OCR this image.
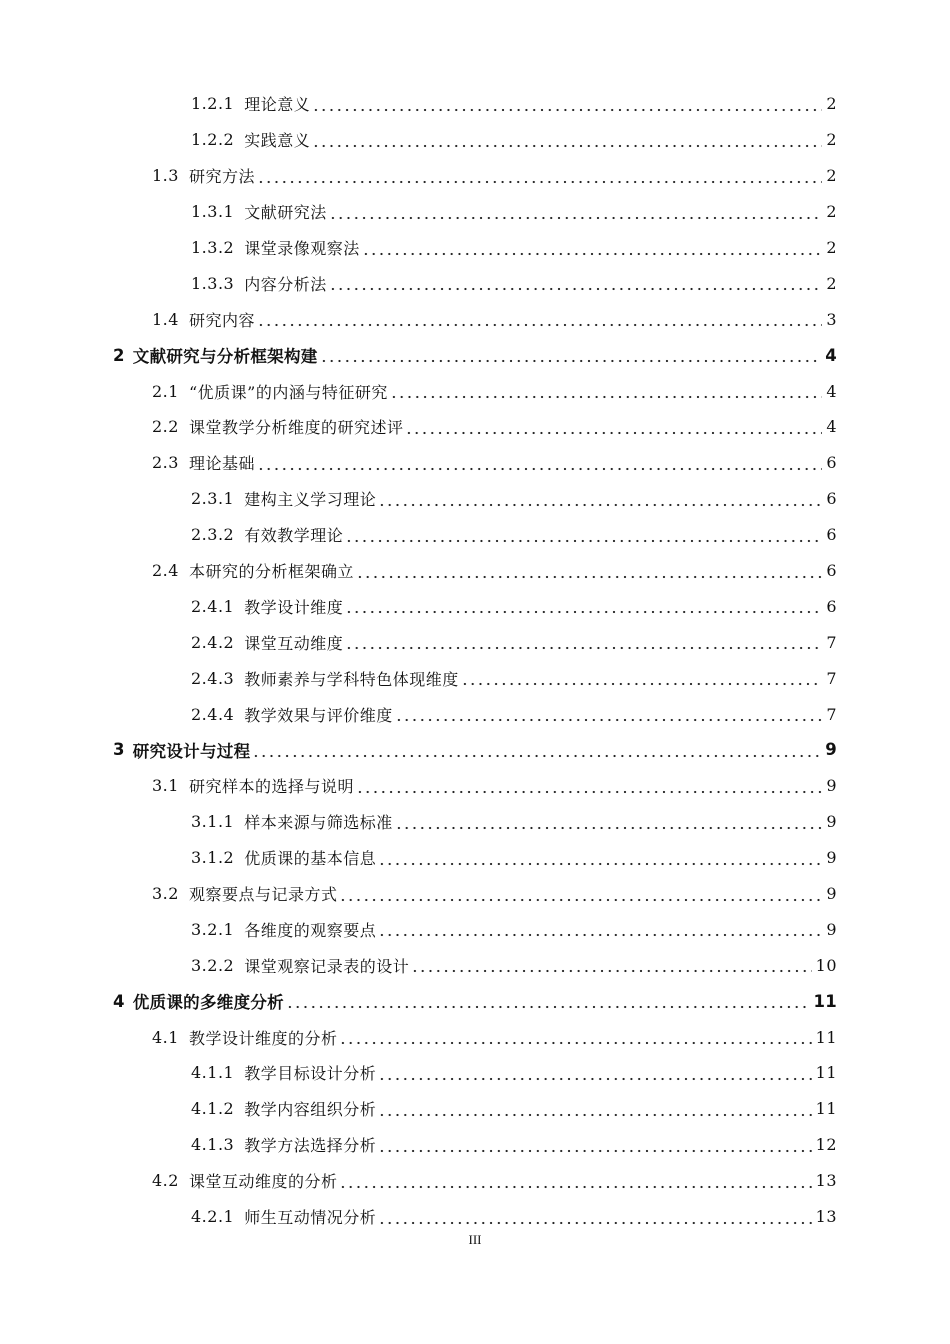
1.2.1 理论意义	2
1.2.2 实践意义	2
1.3 研究方法	2
1.3.1 文献研究法	2
1.3.2 课堂录像观察法	2
1.3.3 内容分析法	2
1.4 研究内容	3
2 文献研究与分析框架构建	4
2.1 “优质课”的内涵与特征研究	4
2.2 课堂教学分析维度的研究述评	4
2.3 理论基础	6
2.3.1 建构主义学习理论	6
2.3.2 有效教学理论	6
2.4 本研究的分析框架确立	6
2.4.1 教学设计维度	6
2.4.2 课堂互动维度	7
2.4.3 教师素养与学科特色体现维度	7
2.4.4 教学效果与评价维度	7
3 研究设计与过程	9
3.1 研究样本的选择与说明	9
3.1.1 样本来源与筛选标准	9
3.1.2 优质课的基本信息	9
3.2 观察要点与记录方式	9
3.2.1 各维度的观察要点	9
3.2.2 课堂观察记录表的设计	10
4 优质课的多维度分析	11
4.1 教学设计维度的分析	11
4.1.1 教学目标设计分析	11
4.1.2 教学内容组织分析	11
4.1.3 教学方法选择分析	12
4.2 课堂互动维度的分析	13
4.2.1 师生互动情况分析	13
III
